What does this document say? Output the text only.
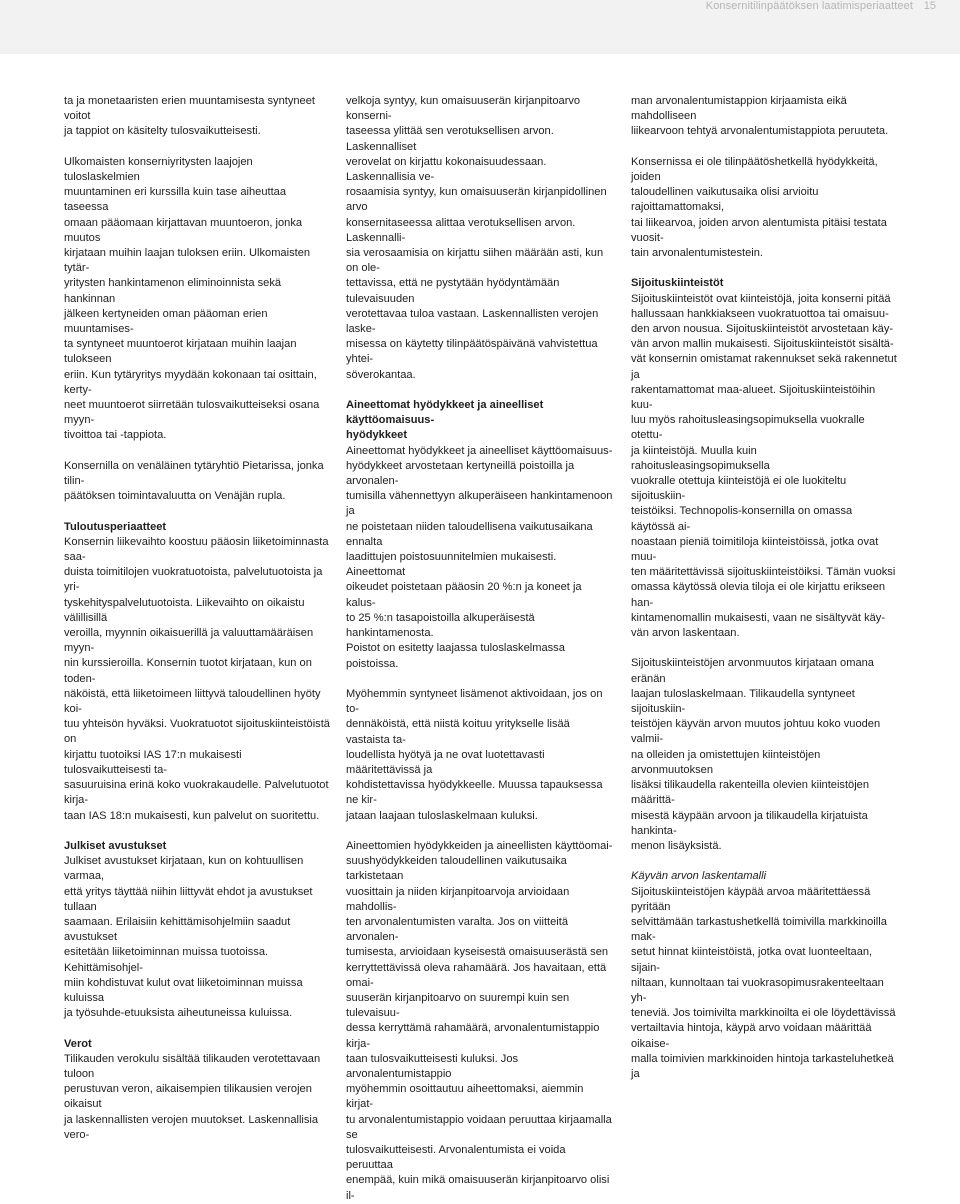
Konsernitilinpäätöksen laatimisperiaatteet 15

ta ja monetaaristen erien muuntamisesta syntyneet voitot
ja tappiot on käsitelty tulosvaikutteisesti.

Ulkomaisten konserniyritysten laajojen tuloslaskelmien
muuntaminen eri kurssilla kuin tase aiheuttaa taseessa
omaan pääomaan kirjattavan muuntoeron, jonka muutos
kirjataan muihin laajan tuloksen eriin. Ulkomaisten tytär-
yritysten hankintamenon eliminoinnista sekä hankinnan
jälkeen kertyneiden oman pääoman erien muuntamises-
ta syntyneet muuntoerot kirjataan muihin laajan tulokseen
eriin. Kun tytäryritys myydään kokonaan tai osittain, kerty-
neet muuntoerot siirretään tulosvaikutteiseksi osana myyn-
tivoittoa tai -tappiota.

Konsernilla on venäläinen tytäryhtiö Pietarissa, jonka tilin-
päätöksen toimintavaluutta on Venäjän rupla.

Tuloutusperiaatteet

Konsernin liikevaihto koostuu pääosin liiketoiminnasta saa-
duista toimitilojen vuokratuotoista, palvelutuotoista ja yri-
tyskehityspalvelutuotoista. Liikevaihto on oikaistu välillisillä
veroilla, myynnin oikaisuerillä ja valuuttamääräisen myyn-
nin kurssieroilla. Konsernin tuotot kirjataan, kun on toden-
näköistä, että liiketoimeen liittyvä taloudellinen hyöty koi-
tuu yhteisön hyväksi. Vuokratuotot sijoituskiinteistöistä on
kirjattu tuotoiksi IAS 17:n mukaisesti tulosvaikutteisesti ta-
sasuuruisina erinä koko vuokrakaudelle. Palvelutuotot kirja-
taan IAS 18:n mukaisesti, kun palvelut on suoritettu.

Julkiset avustukset

Julkiset avustukset kirjataan, kun on kohtuullisen varmaa,
että yritys täyttää niihin liittyvät ehdot ja avustukset tullaan
saamaan. Erilaisiin kehittämisohjelmiin saadut avustukset
esitetään liiketoiminnan muissa tuotoissa. Kehittämisohjel-
miin kohdistuvat kulut ovat liiketoiminnan muissa kuluissa
ja työsuhde-etuuksista aiheutuneissa kuluissa.

Verot

Tilikauden verokulu sisältää tilikauden verotettavaan tuloon
perustuvan veron, aikaisempien tilikausien verojen oikaisut
ja laskennallisten verojen muutokset. Laskennallisia vero-

velkoja syntyy, kun omaisuuserän kirjanpitoarvo konserni-
taseessa ylittää sen verotuksellisen arvon. Laskennalliset
verovelat on kirjattu kokonaisuudessaan. Laskennallisia ve-
rosaamisia syntyy, kun omaisuuserän kirjanpidollinen arvo
konsernitaseessa alittaa verotuksellisen arvon. Laskennalli-
sia verosaamisia on kirjattu siihen määrään asti, kun on ole-
tettavissa, että ne pystytään hyödyntämään tulevaisuuden
verotettavaa tuloa vastaan. Laskennallisten verojen laske-
misessa on käytetty tilinpäätöspäivänä vahvistettua yhtei-
söverokantaa.

Aineettomat hyödykkeet ja aineelliset käyttöomaisuus-
hyödykkeet

Aineettomat hyödykkeet ja aineelliset käyttöomaisuus-
hyödykkeet arvostetaan kertyneillä poistoilla ja arvonalen-
tumisilla vähennettyyn alkuperäiseen hankintamenoon ja
ne poistetaan niiden taloudellisena vaikutusaikana ennalta
laadittujen poistosuunnitelmien mukaisesti. Aineettomat
oikeudet poistetaan pääosin 20 %:n ja koneet ja kalus-
to 25 %:n tasapoistoilla alkuperäisestä hankintamenosta.
Poistot on esitetty laajassa tuloslaskelmassa poistoissa.

Myöhemmin syntyneet lisämenot aktivoidaan, jos on to-
dennäköistä, että niistä koituu yritykselle lisää vastaista ta-
loudellista hyötyä ja ne ovat luotettavasti määritettävissä ja
kohdistettavissa hyödykkeelle. Muussa tapauksessa ne kir-
jataan laajaan tuloslaskelmaan kuluksi.

Aineettomien hyödykkeiden ja aineellisten käyttöomai-
suushyödykkeiden taloudellinen vaikutusaika tarkistetaan
vuosittain ja niiden kirjanpitoarvoja arvioidaan mahdollis-
ten arvonalentumisten varalta. Jos on viitteitä arvonalen-
tumisesta, arvioidaan kyseisestä omaisuuserästä sen
kerryttettävissä oleva rahamäärä. Jos havaitaan, että omai-
suuserän kirjanpitoarvo on suurempi kuin sen tulevaisuu-
dessa kerryttämä rahamäärä, arvonalentumistappio kirja-
taan tulosvaikutteisesti kuluksi. Jos arvonalentumistappio
myöhemmin osoittautuu aiheettomaksi, aiemmin kirjat-
tu arvonalentumistappio voidaan peruuttaa kirjaamalla se
tulosvaikutteisesti. Arvonalentumista ei voida peruuttaa
enempää, kuin mikä omaisuuserän kirjanpitoarvo olisi il-

man arvonalentumistappion kirjaamista eikä mahdolliseen
liikearvoon tehtyä arvonalentumistappiota peruuteta.

Konsernissa ei ole tilinpäätöshetkellä hyödykkeitä, joiden
taloudellinen vaikutusaika olisi arvioitu rajoittamattomaksi,
tai liikearvoa, joiden arvon alentumista pitäisi testata vuosit-
tain arvonalentumistestein.

Sijoituskiinteistöt

Sijoituskiinteistöt ovat kiinteistöjä, joita konserni pitää
hallussaan hankkiakseen vuokratuottoa tai omaisuu-
den arvon nousua. Sijoituskiinteistöt arvostetaan käy-
vän arvon mallin mukaisesti. Sijoituskiinteistöt sisältä-
vät konsernin omistamat rakennukset sekä rakennetut ja
rakentamattomat maa-alueet. Sijoituskiinteistöihin kuu-
luu myös rahoitusleasingsopimuksella vuokralle otettu-
ja kiinteistöjä. Muulla kuin rahoitusleasingsopimuksella
vuokralle otettuja kiinteistöjä ei ole luokiteltu sijoituskiin-
teistöiksi. Technopolis-konsernilla on omassa käytössä ai-
noastaan pieniä toimitiloja kiinteistöissä, jotka ovat muu-
ten määritettävissä sijoituskiinteistöiksi. Tämän vuoksi
omassa käytössä olevia tiloja ei ole kirjattu erikseen han-
kintamenomallin mukaisesti, vaan ne sisältyvät käy-
vän arvon laskentaan.

Sijoituskiinteistöjen arvonmuutos kirjataan omana eränän
laajan tuloslaskelmaan. Tilikaudella syntyneet sijoituskiin-
teistöjen käyvän arvon muutos johtuu koko vuoden valmii-
na olleiden ja omistettujen kiinteistöjen arvonmuutoksen
lisäksi tilikaudella rakenteilla olevien kiinteistöjen määrittä-
misestä käypään arvoon ja tilikaudella kirjatuista hankinta-
menon lisäyksistä.

Käyvän arvon laskentamalli

Sijoituskiinteistöjen käypää arvoa määritettäessä pyritään
selvittämään tarkastushetkellä toimivilla markkinoilla mak-
setut hinnat kiinteistöistä, jotka ovat luonteeltaan, sijain-
niltaan, kunnoltaan tai vuokrasopimusrakenteeltaan yh-
teneviä. Jos toimivilta markkinoilta ei ole löydettävissä
vertailtavia hintoja, käypä arvo voidaan määrittää oikaise-
malla toimivien markkinoiden hintoja tarkasteluhetkeä ja
